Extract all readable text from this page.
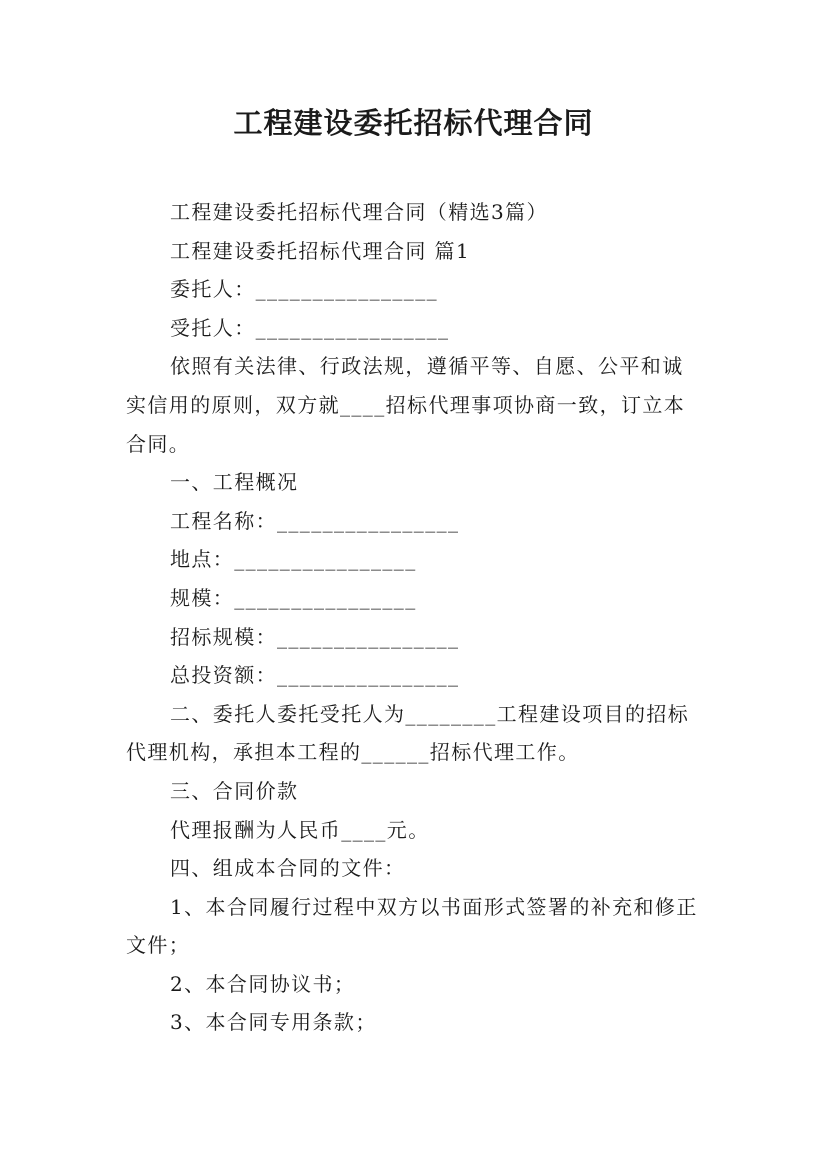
工程建设委托招标代理合同

工程建设委托招标代理合同（精选3篇）

工程建设委托招标代理合同 篇1

委托人：________________

受托人：_________________

依照有关法律、行政法规，遵循平等、自愿、公平和诚实信用的原则，双方就____招标代理事项协商一致，订立本合同。

一、工程概况

工程名称：________________

地点：________________

规模：________________

招标规模：________________

总投资额：________________

二、委托人委托受托人为________工程建设项目的招标代理机构，承担本工程的______招标代理工作。

三、合同价款

代理报酬为人民币____元。

四、组成本合同的文件：

1、本合同履行过程中双方以书面形式签署的补充和修正文件；

2、本合同协议书；

3、本合同专用条款；
